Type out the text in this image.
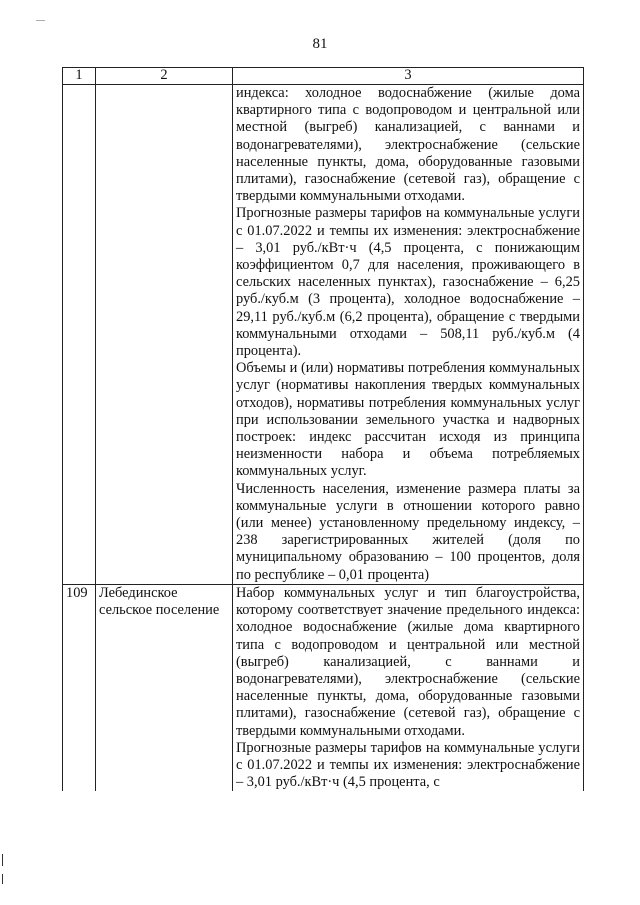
—
81
1	2	3

		индекса: холодное водоснабжение (жилые дома квартирного типа с водопроводом и центральной или местной (выгреб) канализацией, с ваннами и водонагревателями), электроснабжение (сельские населенные пункты, дома, оборудованные газовыми плитами), газоснабжение (сетевой газ), обращение с твердыми коммунальными отходами.

Прогнозные размеры тарифов на коммунальные услуги с 01.07.2022 и темпы их изменения: электроснабжение – 3,01 руб./кВт·ч (4,5 процента, с понижающим коэффициентом 0,7 для населения, проживающего в сельских населенных пунктах), газоснабжение – 6,25 руб./куб.м (3 процента), холодное водоснабжение – 29,11 руб./куб.м (6,2 процента), обращение с твердыми коммунальными отходами – 508,11 руб./куб.м (4 процента).

Объемы и (или) нормативы потребления коммунальных услуг (нормативы накопления твердых коммунальных отходов), нормативы потребления коммунальных услуг при использовании земельного участка и надворных построек: индекс рассчитан исходя из принципа неизменности набора и объема потребляемых коммунальных услуг.

Численность населения, изменение размера платы за коммунальные услуги в отношении которого равно (или менее) установленному предельному индексу, – 238 зарегистрированных жителей (доля по муниципальному образованию – 100 процентов, доля по республике – 0,01 процента)

109	Лебединское сельское поселение	Набор коммунальных услуг и тип благоустройства, которому соответствует значение предельного индекса: холодное водоснабжение (жилые дома квартирного типа с водопроводом и центральной или местной (выгреб) канализацией, с ваннами и водонагревателями), электроснабжение (сельские населенные пункты, дома, оборудованные газовыми плитами), газоснабжение (сетевой газ), обращение с твердыми коммунальными отходами.

Прогнозные размеры тарифов на коммунальные услуги с 01.07.2022 и темпы их изменения: электроснабжение – 3,01 руб./кВт·ч (4,5 процента, с
